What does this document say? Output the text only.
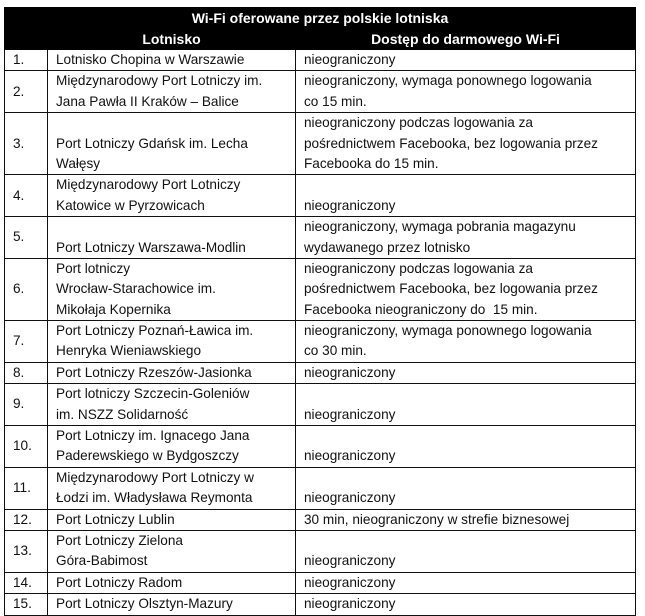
Wi-Fi oferowane przez polskie lotniska		
	Lotnisko	Dostęp do darmowego Wi-Fi
1.	Lotnisko Chopina w Warszawie	nieograniczony

2.	Międzynarodowy Port Lotniczy im.
Jana Pawła II Kraków – Balice	nieograniczony, wymaga ponownego logowania
co 15 min.

3.	Port Lotniczy Gdańsk im. Lecha
Wałęsy	nieograniczony podczas logowania za
pośrednictwem Facebooka, bez logowania przez
Facebooka do 15 min.

4.	Międzynarodowy Port Lotniczy
Katowice w Pyrzowicach	nieograniczony

5.	Port Lotniczy Warszawa-Modlin	nieograniczony, wymaga pobrania magazynu
wydawanego przez lotnisko

6.	Port lotniczy
Wrocław-Starachowice im.
Mikołaja Kopernika	nieograniczony podczas logowania za
pośrednictwem Facebooka, bez logowania przez
Facebooka nieograniczony do  15 min.

7.	Port Lotniczy Poznań-Ławica im.
Henryka Wieniawskiego	nieograniczony, wymaga ponownego logowania
co 30 min.

8.	Port Lotniczy Rzeszów-Jasionka	nieograniczony

9.	Port lotniczy Szczecin-Goleniów
im. NSZZ Solidarność	nieograniczony

10.	Port Lotniczy im. Ignacego Jana
Paderewskiego w Bydgoszczy	nieograniczony

11.	Międzynarodowy Port Lotniczy w
Łodzi im. Władysława Reymonta	nieograniczony

12.	Port Lotniczy Lublin	30 min, nieograniczony w strefie biznesowej

13.	Port Lotniczy Zielona
Góra-Babimost	nieograniczony

14.	Port Lotniczy Radom	nieograniczony

15.	Port Lotniczy Olsztyn-Mazury	nieograniczony
